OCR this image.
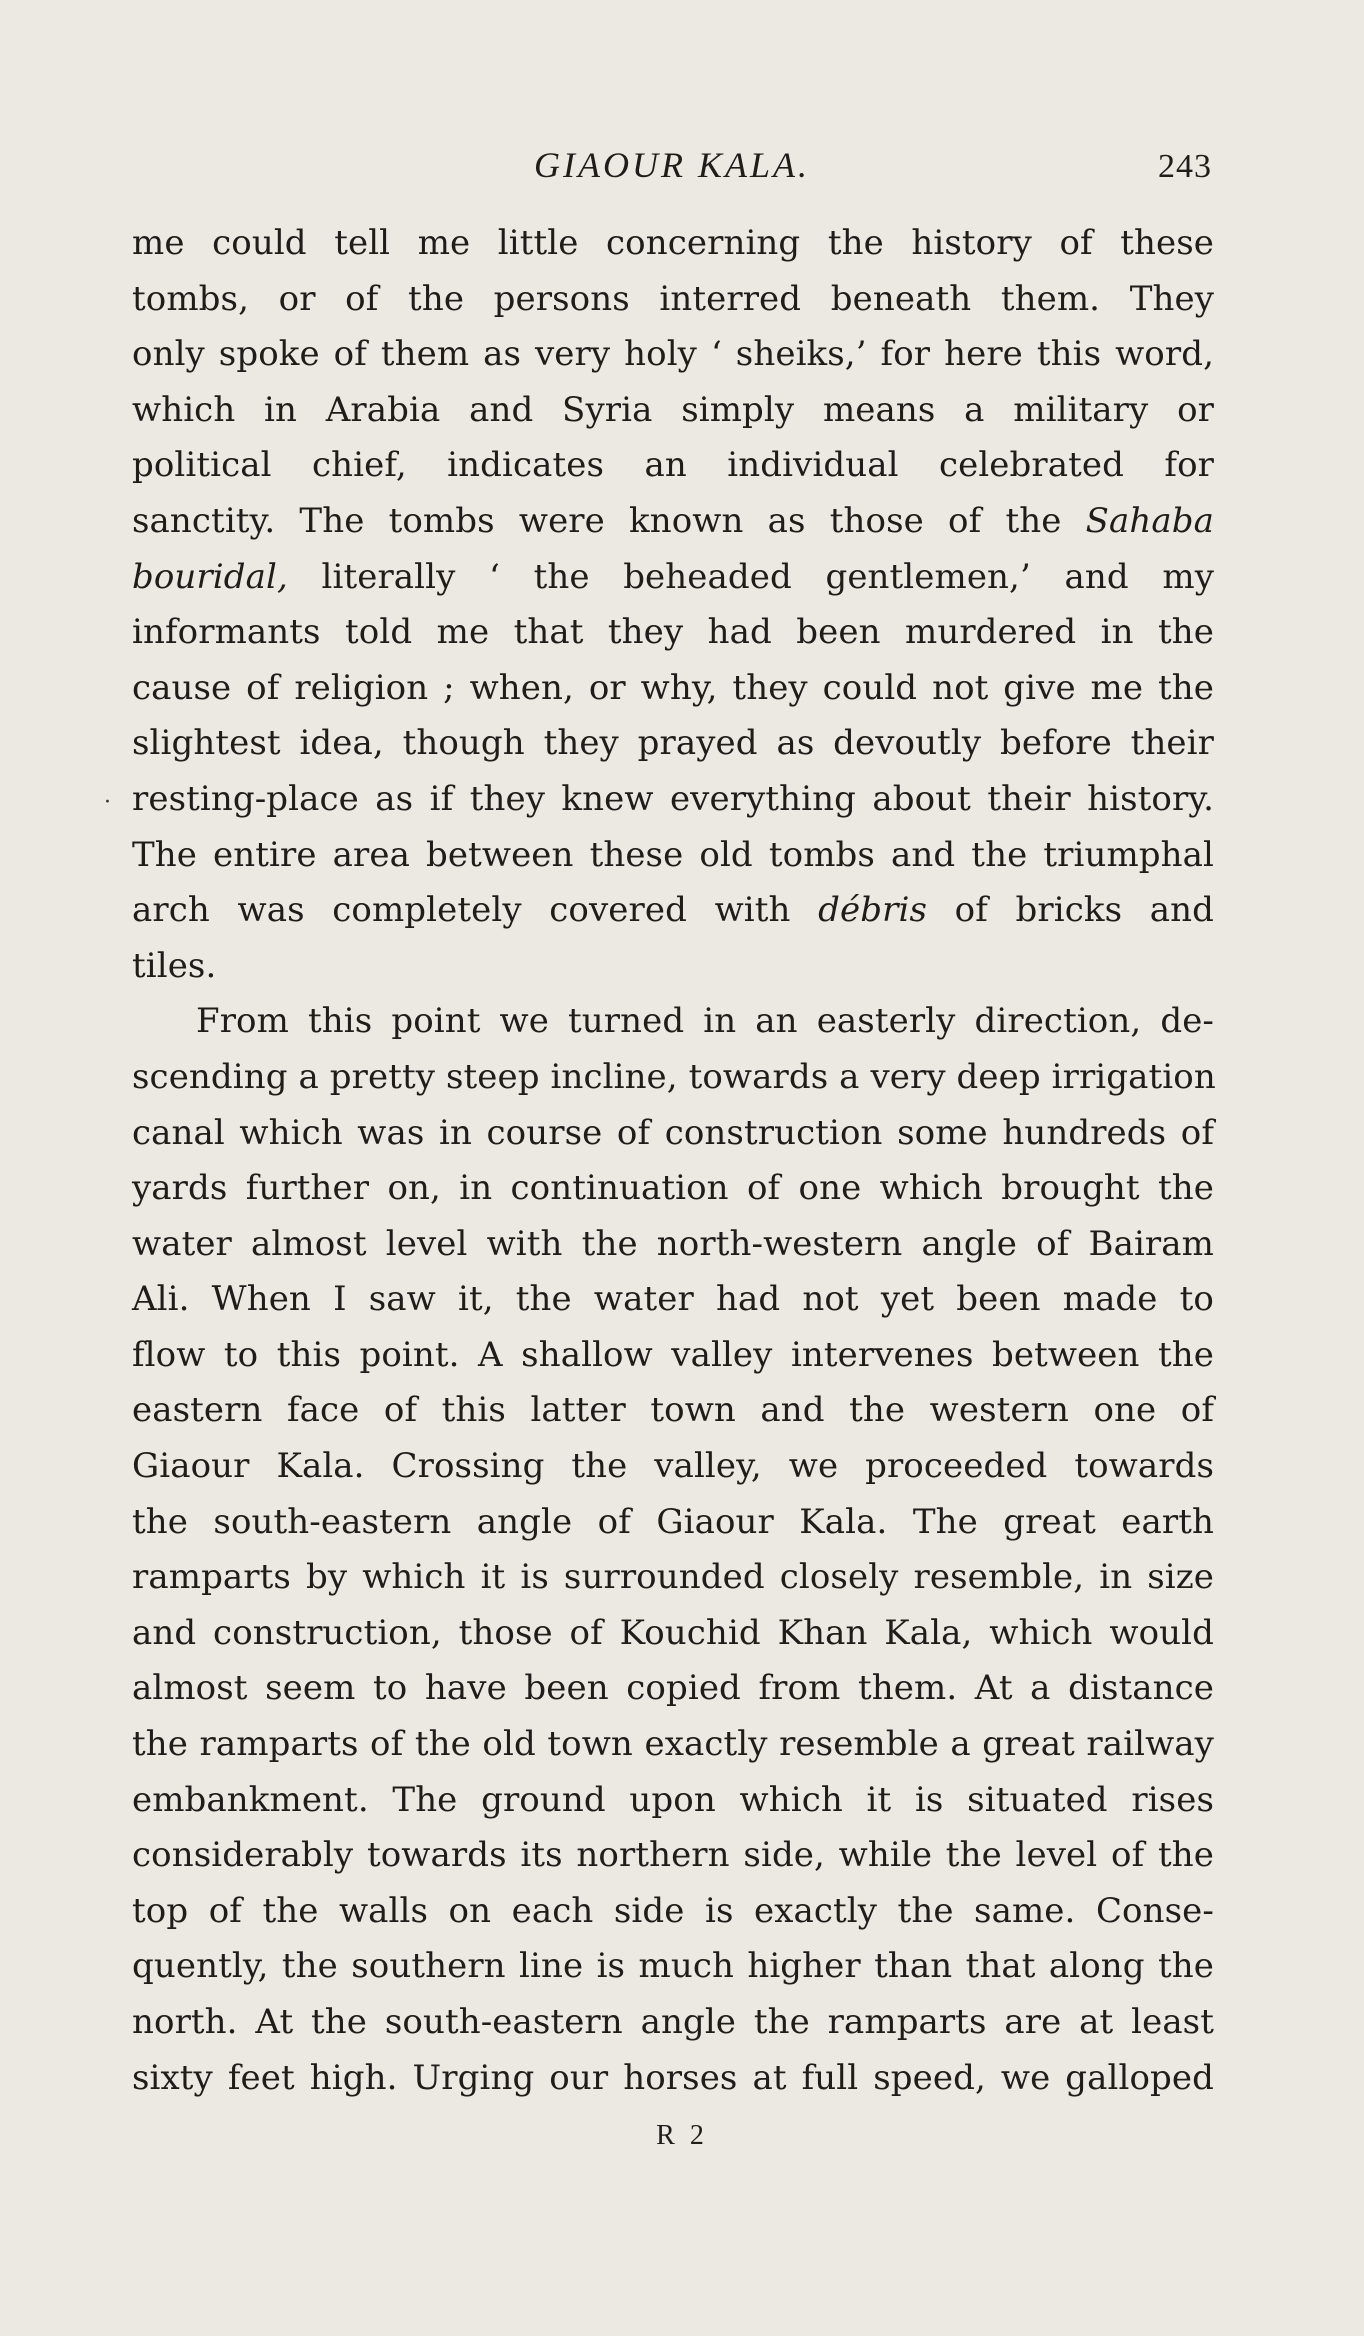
GIAOUR KALA.	243
·
me could tell me little concerning the history of these
tombs, or of the persons interred beneath them. They
only spoke of them as very holy ‘ sheiks,’ for here this word,
which in Arabia and Syria simply means a military or
political chief, indicates an individual celebrated for
sanctity. The tombs were known as those of the Sahaba
bouridal, literally ‘ the beheaded gentlemen,’ and my
informants told me that they had been murdered in the
cause of religion ; when, or why, they could not give me the
slightest idea, though they prayed as devoutly before their
resting-place as if they knew everything about their history.
The entire area between these old tombs and the triumphal
arch was completely covered with débris of bricks and
tiles.
From this point we turned in an easterly direction, de-
scending a pretty steep incline, towards a very deep irrigation
canal which was in course of construction some hundreds of
yards further on, in continuation of one which brought the
water almost level with the north-western angle of Bairam
Ali. When I saw it, the water had not yet been made to
flow to this point. A shallow valley intervenes between the
eastern face of this latter town and the western one of
Giaour Kala. Crossing the valley, we proceeded towards
the south-eastern angle of Giaour Kala. The great earth
ramparts by which it is surrounded closely resemble, in size
and construction, those of Kouchid Khan Kala, which would
almost seem to have been copied from them. At a distance
the ramparts of the old town exactly resemble a great railway
embankment. The ground upon which it is situated rises
considerably towards its northern side, while the level of the
top of the walls on each side is exactly the same. Conse-
quently, the southern line is much higher than that along the
north. At the south-eastern angle the ramparts are at least
sixty feet high. Urging our horses at full speed, we galloped
R 2
